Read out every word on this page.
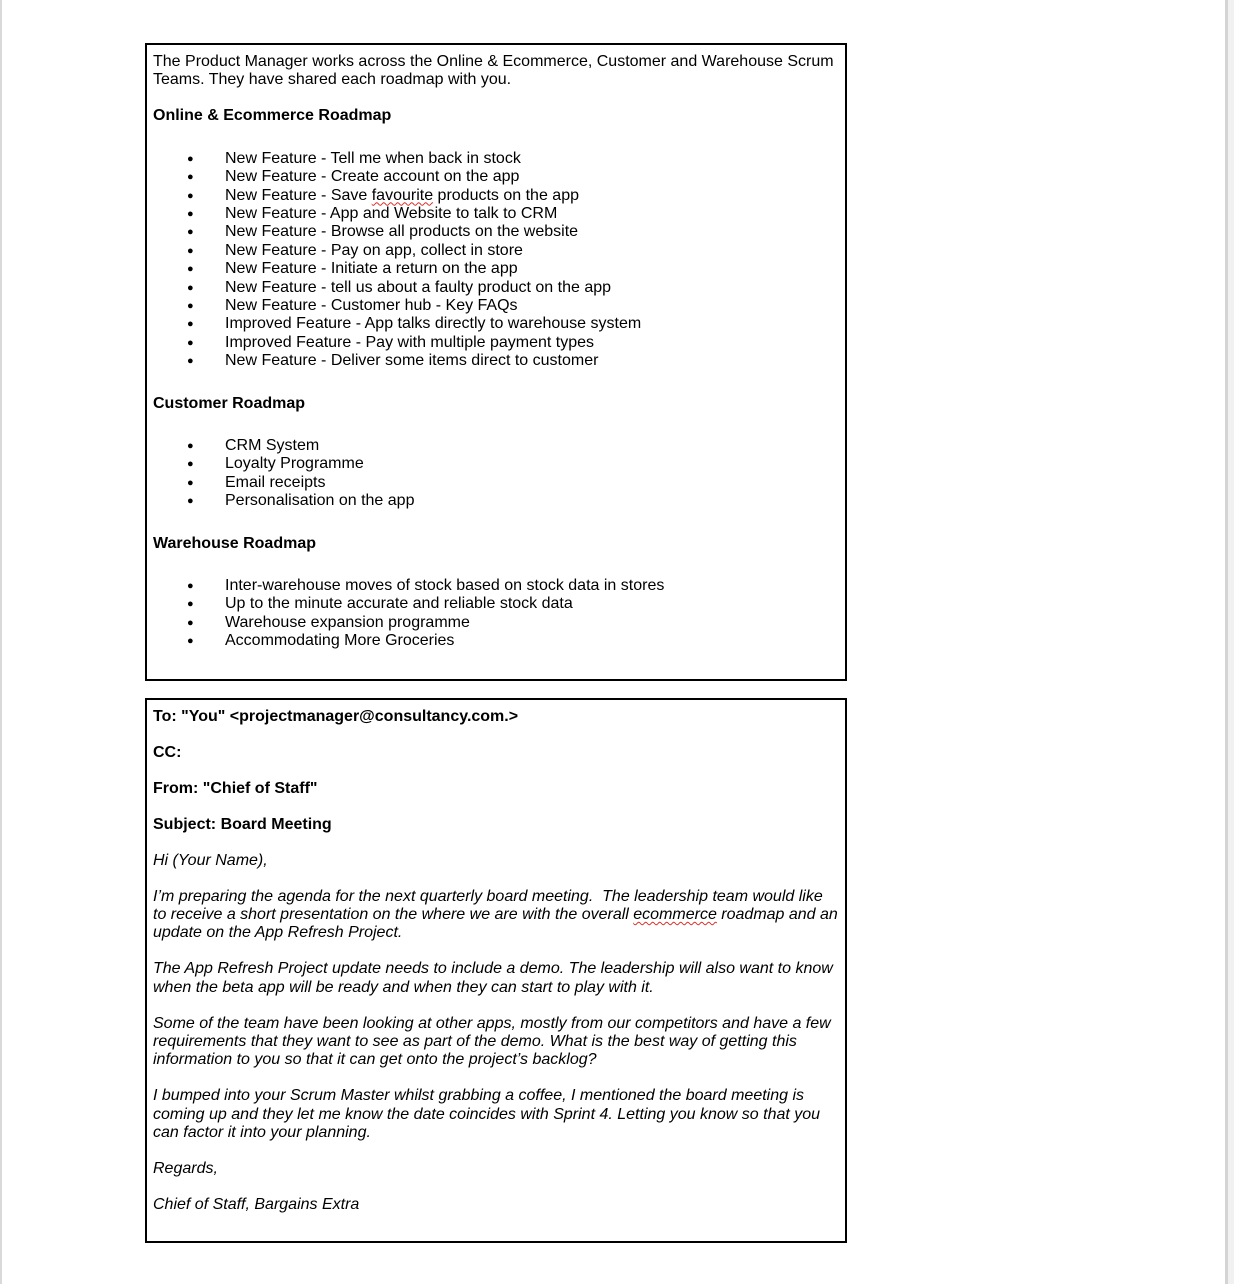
The Product Manager works across the Online & Ecommerce, Customer and Warehouse Scrum Teams. They have shared each roadmap with you.

Online & Ecommerce Roadmap

● New Feature - Tell me when back in stock
● New Feature - Create account on the app
● New Feature - Save favourite products on the app
● New Feature - App and Website to talk to CRM
● New Feature - Browse all products on the website
● New Feature - Pay on app, collect in store
● New Feature - Initiate a return on the app
● New Feature - tell us about a faulty product on the app
● New Feature - Customer hub - Key FAQs
● Improved Feature - App talks directly to warehouse system
● Improved Feature - Pay with multiple payment types
● New Feature - Deliver some items direct to customer

Customer Roadmap

● CRM System
● Loyalty Programme
● Email receipts
● Personalisation on the app

Warehouse Roadmap

● Inter-warehouse moves of stock based on stock data in stores
● Up to the minute accurate and reliable stock data
● Warehouse expansion programme
● Accommodating More Groceries

To: "You" <projectmanager@consultancy.com.>

CC:

From: "Chief of Staff"

Subject: Board Meeting

Hi (Your Name),

I’m preparing the agenda for the next quarterly board meeting.  The leadership team would like to receive a short presentation on the where we are with the overall ecommerce roadmap and an update on the App Refresh Project.

The App Refresh Project update needs to include a demo. The leadership will also want to know when the beta app will be ready and when they can start to play with it.

Some of the team have been looking at other apps, mostly from our competitors and have a few requirements that they want to see as part of the demo. What is the best way of getting this information to you so that it can get onto the project’s backlog?

I bumped into your Scrum Master whilst grabbing a coffee, I mentioned the board meeting is coming up and they let me know the date coincides with Sprint 4. Letting you know so that you can factor it into your planning.

Regards,

Chief of Staff, Bargains Extra
